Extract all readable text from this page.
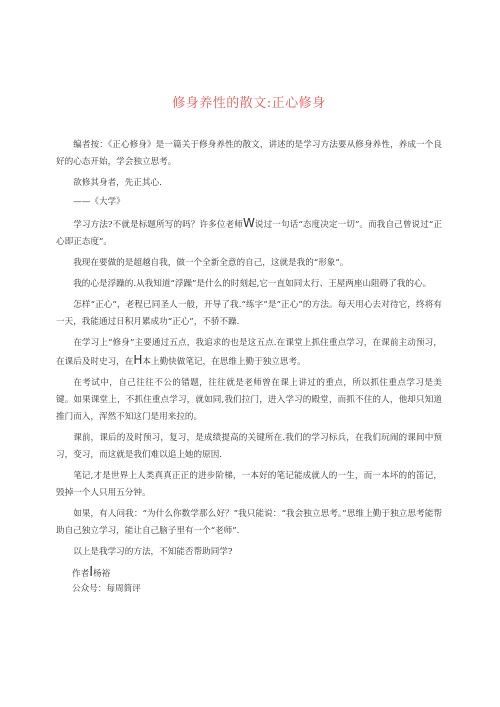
修身养性的散文:正心修身

编者按：《正心修身》是一篇关于修身养性的散文，讲述的是学习方法要从修身养性，养成一个良好的心态开始，学会独立思考。

欲修其身者，先正其心.

——《大学》

学习方法?不就是标题所写的吗？许多位老师W说过一句话“态度决定一切”。而我自己曾说过“正心即正态度”。

我现在要做的是超越自我，做一个全新全意的自己，这就是我的“形象”。

我的心是浮躁的.从我知道“浮躁”是什么的时刻起,它一直如同太行、王屋两座山阻碍了我的心。

怎样“正心”，老程已同圣人一般，开导了我.“练字”是“正心”的方法。每天用心去对待它，终将有一天，我能通过日积月累成功“正心”，不骄不躁.

在学习上“修身”主要通过五点，我追求的也是这五点.在课堂上抓住重点学习，在课前主动预习，在课后及时史习，在H本上勤快做笔记，在思维上勤于独立思考。

在考试中，自己往往不公的错题，往往就是老师曾在课上讲过的重点，所以抓住重点学习是美键。如果课堂上，不抓住重点学习，就如同,我们拉门，进入学习的殿堂，而抓不住的人，他却只知道推门而入，浑然不知这门是用来拉的。

课前，课后的及时预习，复习，是成绩提高的关键所在.我们的学习标兵，在我们玩闹的课间中预习，变习，而这就是我们难以追上她的原因.

笔记,才是世界上人类真真正正的进步阶梯，一本好的笔记能成就人的一生，而一本坏的的笛记，毁掉一个人只用五分钟。

如果，有人问我：“为什么你数学那么好？”我只能说：“我会独立思考。”思维上勤于独立思考能帮助自己独立学习，能让自己脑子里有一个“老师”.

以上是我学习的方法，不知能否帮助同学?

作者I杨裕
公众号：每周简评
